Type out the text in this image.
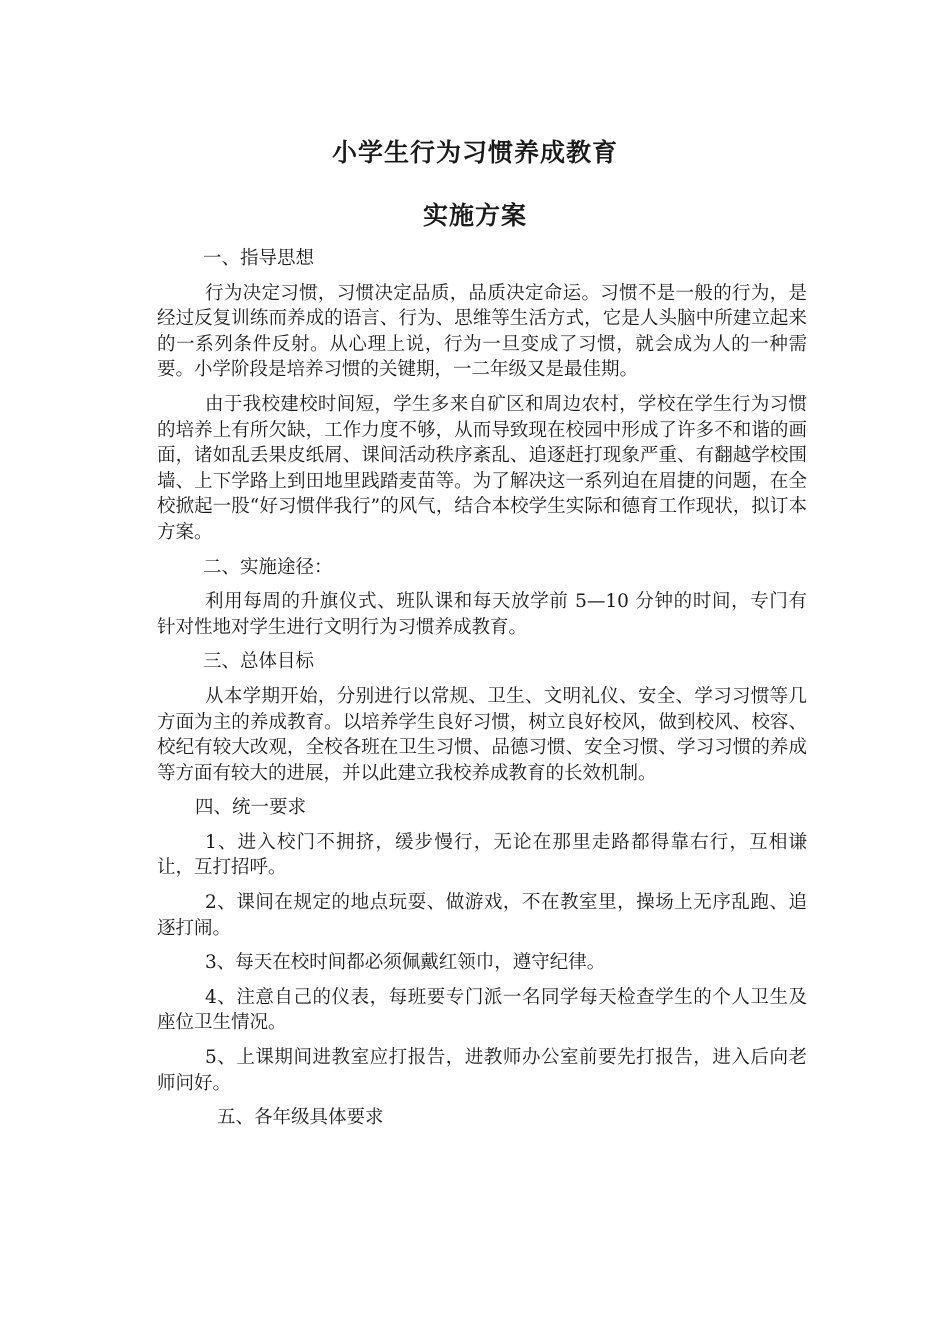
小学生行为习惯养成教育
实施方案

一、指导思想

行为决定习惯，习惯决定品质，品质决定命运。习惯不是一般的行为，是经过反复训练而养成的语言、行为、思维等生活方式，它是人头脑中所建立起来的一系列条件反射。从心理上说，行为一旦变成了习惯，就会成为人的一种需要。小学阶段是培养习惯的关键期，一二年级又是最佳期。

由于我校建校时间短，学生多来自矿区和周边农村，学校在学生行为习惯的培养上有所欠缺，工作力度不够，从而导致现在校园中形成了许多不和谐的画面，诸如乱丢果皮纸屑、课间活动秩序紊乱、追逐赶打现象严重、有翻越学校围墙、上下学路上到田地里践踏麦苗等。为了解决这一系列迫在眉捷的问题，在全校掀起一股“好习惯伴我行”的风气，结合本校学生实际和德育工作现状，拟订本方案。

二、实施途径：

利用每周的升旗仪式、班队课和每天放学前 5—10 分钟的时间，专门有针对性地对学生进行文明行为习惯养成教育。

三、总体目标

从本学期开始，分别进行以常规、卫生、文明礼仪、安全、学习习惯等几方面为主的养成教育。以培养学生良好习惯，树立良好校风，做到校风、校容、校纪有较大改观，全校各班在卫生习惯、品德习惯、安全习惯、学习习惯的养成等方面有较大的进展，并以此建立我校养成教育的长效机制。

四、统一要求

1、进入校门不拥挤，缓步慢行，无论在那里走路都得靠右行，互相谦让，互打招呼。

2、课间在规定的地点玩耍、做游戏，不在教室里，操场上无序乱跑、追逐打闹。

3、每天在校时间都必须佩戴红领巾，遵守纪律。

4、注意自己的仪表，每班要专门派一名同学每天检查学生的个人卫生及座位卫生情况。

5、上课期间进教室应打报告，进教师办公室前要先打报告，进入后向老师问好。

五、各年级具体要求
